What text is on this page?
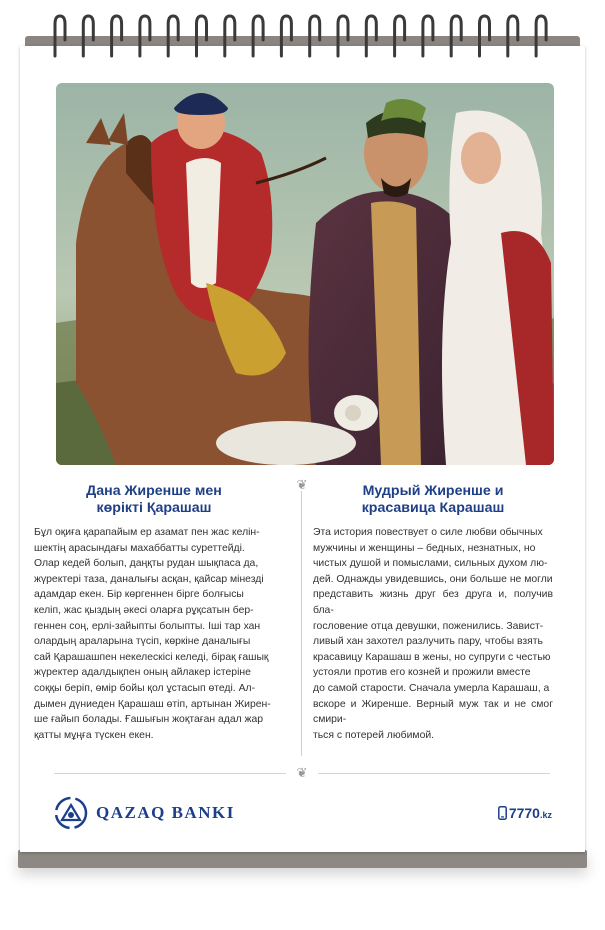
Дана Жиренше мен
көрікті Қарашаш

Бұл оқиға қарапайым ер азамат пен жас келін-
шектің арасындағы махаббатты суреттейді.
Олар кедей болып, даңқты рудан шықпаса да,
жүректері таза, даналығы асқан, қайсар мінезді
адамдар екен. Бір көргеннен бірге болғысы
келіп, жас қыздың әкесі оларға рұқсатын бер-
геннен соң, ерлі-зайыпты болыпты. Іші тар хан
олардың араларына түсіп, көркіне даналығы
сай Қарашашпен некелескісі келеді, бірақ ғашық
жүректер адалдықпен оның айлакер істеріне
соққы беріп, өмір бойы қол ұстасып өтеді. Ал-
дымен дүниеден Қарашаш өтіп, артынан Жирен-
ше ғайып болады. Ғашығын жоқтаған адал жар
қатты мұңға түскен екен.

❦	Мудрый Жиренше и
красавица Карашаш

Эта история повествует о силе любви обычных
мужчины и женщины – бедных, незнатных, но
чистых душой и помыслами, сильных духом лю-
дей. Однажды увидевшись, они больше не могли
представить жизнь друг без друга и, получив бла-
гословение отца девушки, поженились. Завист-
ливый хан захотел разлучить пару, чтобы взять
красавицу Карашаш в жены, но супруги с честью
устояли против его козней и прожили вместе
до самой старости. Сначала умерла Карашаш, а
вскоре и Жиренше. Верный муж так и не смог смири-
ться с потерей любимой.

❦
QAZAQ BANKI	7770.kz
